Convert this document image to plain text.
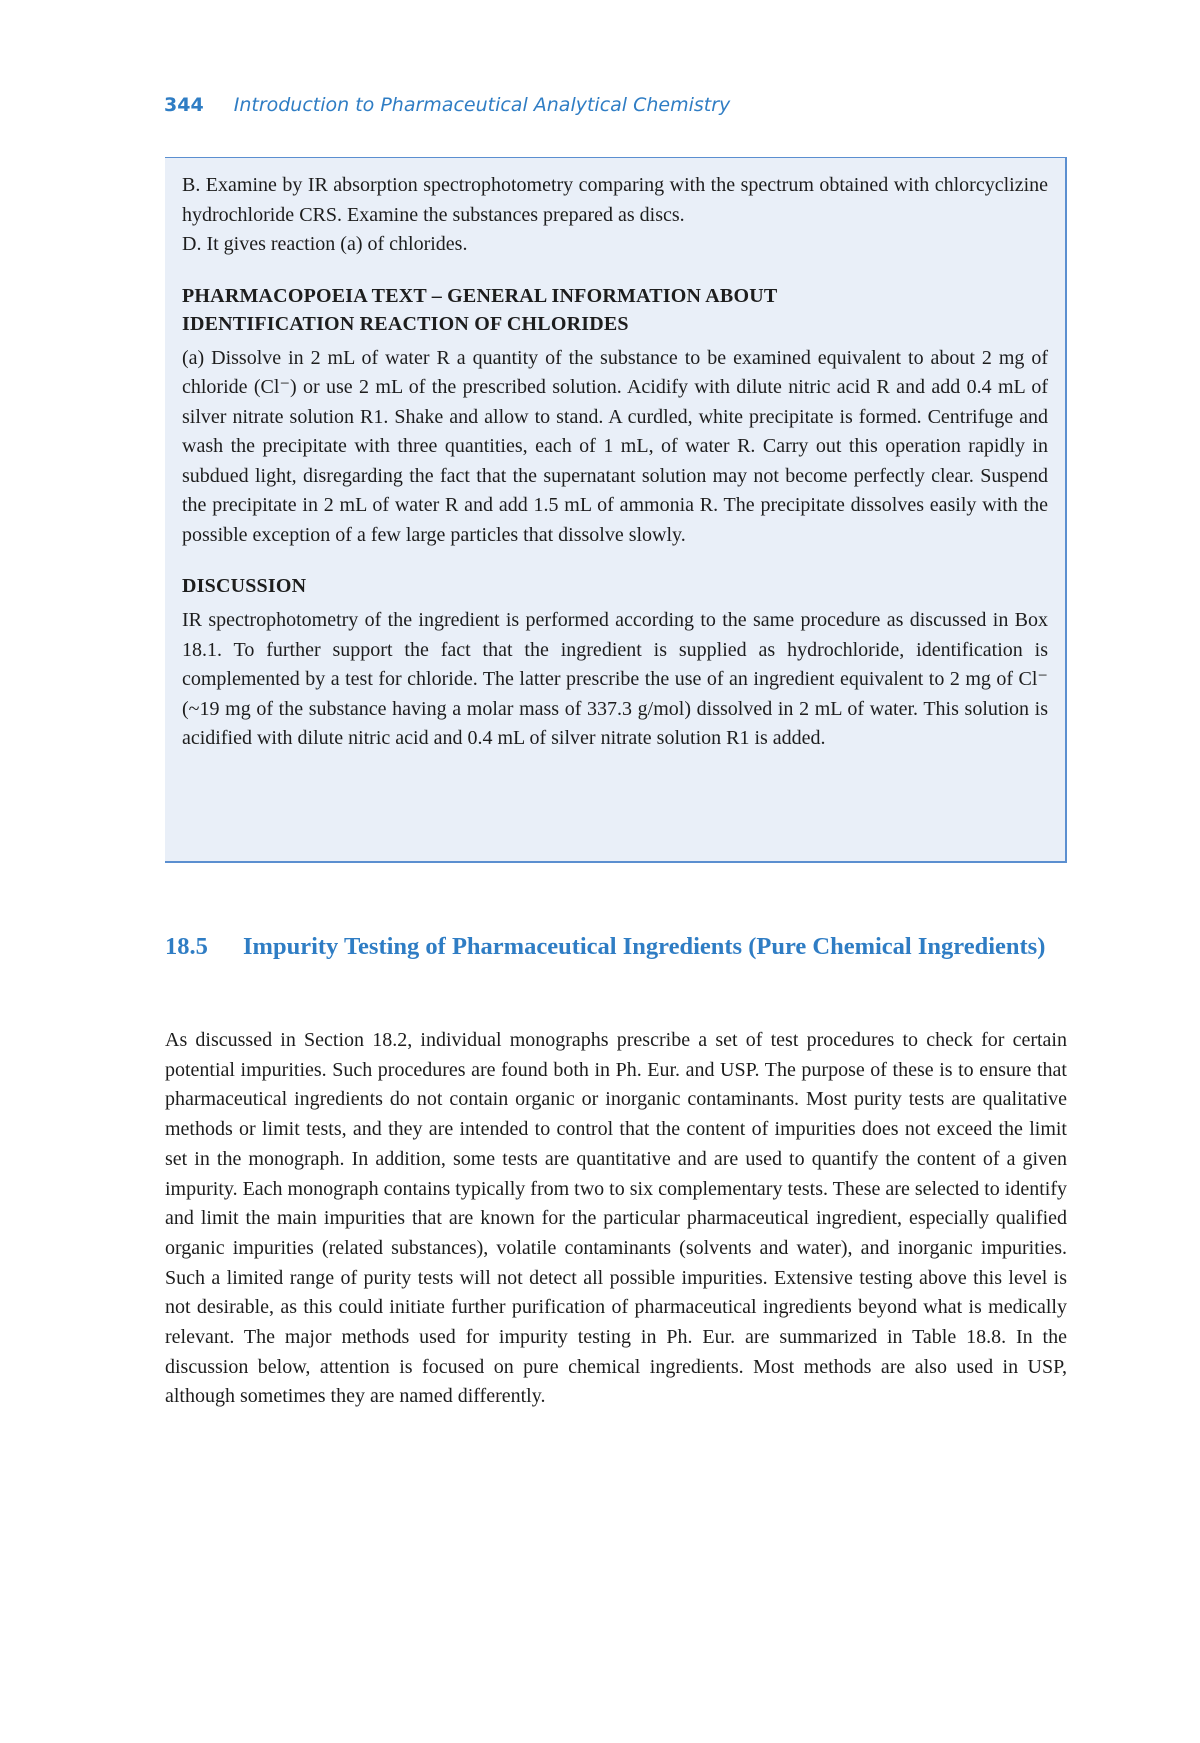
344 Introduction to Pharmaceutical Analytical Chemistry

B. Examine by IR absorption spectrophotometry comparing with the spectrum obtained with chlorcyclizine hydrochloride CRS. Examine the substances prepared as discs.

D. It gives reaction (a) of chlorides.

PHARMACOPOEIA TEXT – GENERAL INFORMATION ABOUT
IDENTIFICATION REACTION OF CHLORIDES

(a) Dissolve in 2 mL of water R a quantity of the substance to be examined equivalent to about 2 mg of chloride (Cl⁻) or use 2 mL of the prescribed solution. Acidify with dilute nitric acid R and add 0.4 mL of silver nitrate solution R1. Shake and allow to stand. A curdled, white precipitate is formed. Centrifuge and wash the precipitate with three quantities, each of 1 mL, of water R. Carry out this operation rapidly in subdued light, disregarding the fact that the supernatant solution may not become perfectly clear. Suspend the precipitate in 2 mL of water R and add 1.5 mL of ammonia R. The precipitate dissolves easily with the possible exception of a few large particles that dissolve slowly.

DISCUSSION

IR spectrophotometry of the ingredient is performed according to the same procedure as discussed in Box 18.1. To further support the fact that the ingredient is supplied as hydrochloride, identification is complemented by a test for chloride. The latter prescribe the use of an ingredient equivalent to 2 mg of Cl⁻ (~19 mg of the substance having a molar mass of 337.3 g/mol) dissolved in 2 mL of water. This solution is acidified with dilute nitric acid and 0.4 mL of silver nitrate solution R1 is added.

18.5 Impurity Testing of Pharmaceutical Ingredients (Pure Chemical Ingredients)

As discussed in Section 18.2, individual monographs prescribe a set of test procedures to check for certain potential impurities. Such procedures are found both in Ph. Eur. and USP. The purpose of these is to ensure that pharmaceutical ingredients do not contain organic or inorganic contaminants. Most purity tests are qualitative methods or limit tests, and they are intended to control that the content of impurities does not exceed the limit set in the monograph. In addition, some tests are quantitative and are used to quantify the content of a given impurity. Each monograph contains typically from two to six complementary tests. These are selected to identify and limit the main impurities that are known for the particular pharmaceutical ingredient, especially qualified organic impurities (related substances), volatile contaminants (solvents and water), and inorganic impurities. Such a limited range of purity tests will not detect all possible impurities. Extensive testing above this level is not desirable, as this could initiate further purification of pharmaceutical ingredients beyond what is medically relevant. The major methods used for impurity testing in Ph. Eur. are summarized in Table 18.8. In the discussion below, attention is focused on pure chemical ingredients. Most methods are also used in USP, although sometimes they are named differently.
